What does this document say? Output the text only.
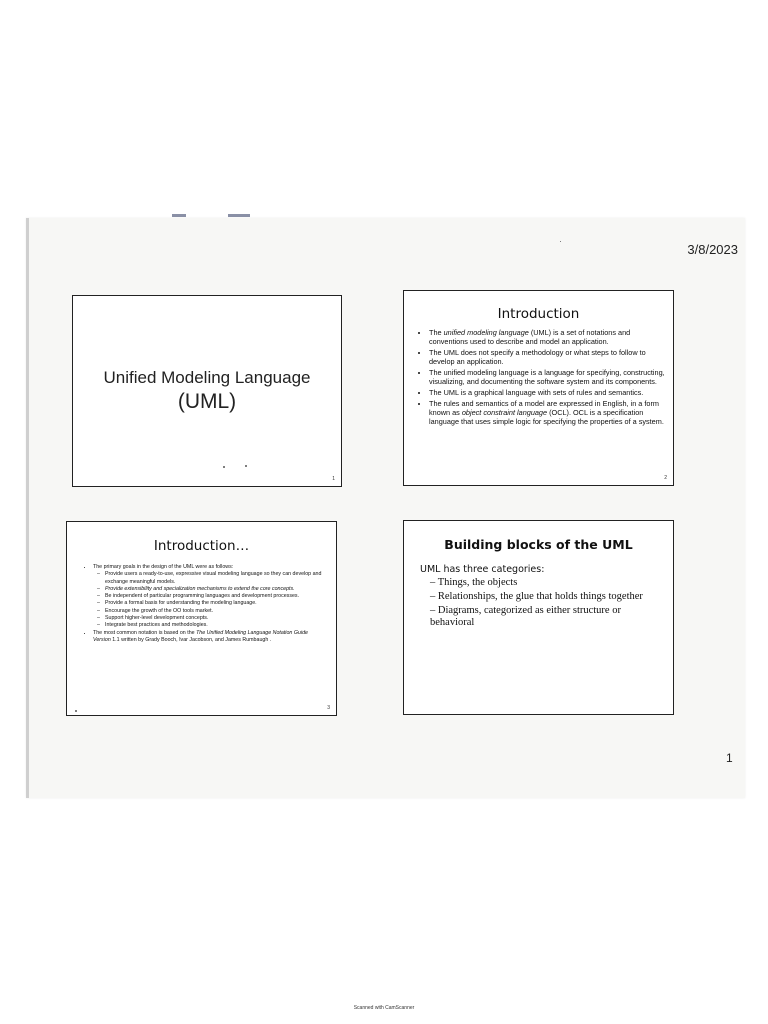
3/8/2023
Unified Modeling Language
(UML)
1
Introduction
• The unified modeling language (UML) is a set of notations and conventions used to describe and model an application.
• The UML does not specify a methodology or what steps to follow to develop an application.
• The unified modeling language is a language for specifying, constructing, visualizing, and documenting the software system and its components.
• The UML is a graphical language with sets of rules and semantics.
• The rules and semantics of a model are expressed in English, in a form known as object constraint language (OCL). OCL is a specification language that uses simple logic for specifying the properties of a system.
2
Introduction…
• The primary goals in the design of the UML were as follows:
– Provide users a ready-to-use, expressive visual modeling language so they can develop and exchange meaningful models.
– Provide extensibility and specialization mechanisms to extend the core concepts.
– Be independent of particular programming languages and development processes.
– Provide a formal basis for understanding the modeling language.
– Encourage the growth of the OO tools market.
– Support higher-level development concepts.
– Integrate best practices and methodologies.
• The most common notation is based on the The Unified Modeling Language Notation Guide Version 1.1 written by Grady Booch, Ivar Jacobson, and James Rumbaugh .
3
Building blocks of the UML
UML has three categories:
– Things, the objects
– Relationships, the glue that holds things together
– Diagrams, categorized as either structure or behavioral
1
Scanned with CamScanner
